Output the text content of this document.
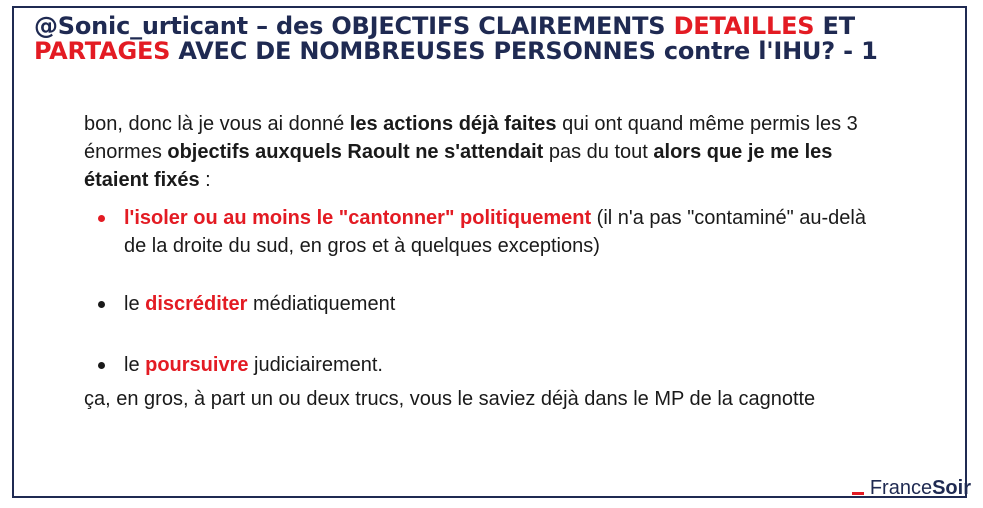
@Sonic_urticant – des OBJECTIFS CLAIREMENTS DETAILLES ET
PARTAGES AVEC DE NOMBREUSES PERSONNES contre l'IHU? - 1

bon, donc là je vous ai donné les actions déjà faites qui ont quand même permis les 3 énormes objectifs auxquels Raoult ne s'attendait pas du tout alors que je me les étaient fixés :

l'isoler ou au moins le "cantonner" politiquement (il n'a pas "contaminé" au-delà de la droite du sud, en gros et à quelques exceptions)
le discréditer médiatiquement
le poursuivre judiciairement.

ça, en gros, à part un ou deux trucs, vous le saviez déjà dans le MP de la cagnotte

France Soir
